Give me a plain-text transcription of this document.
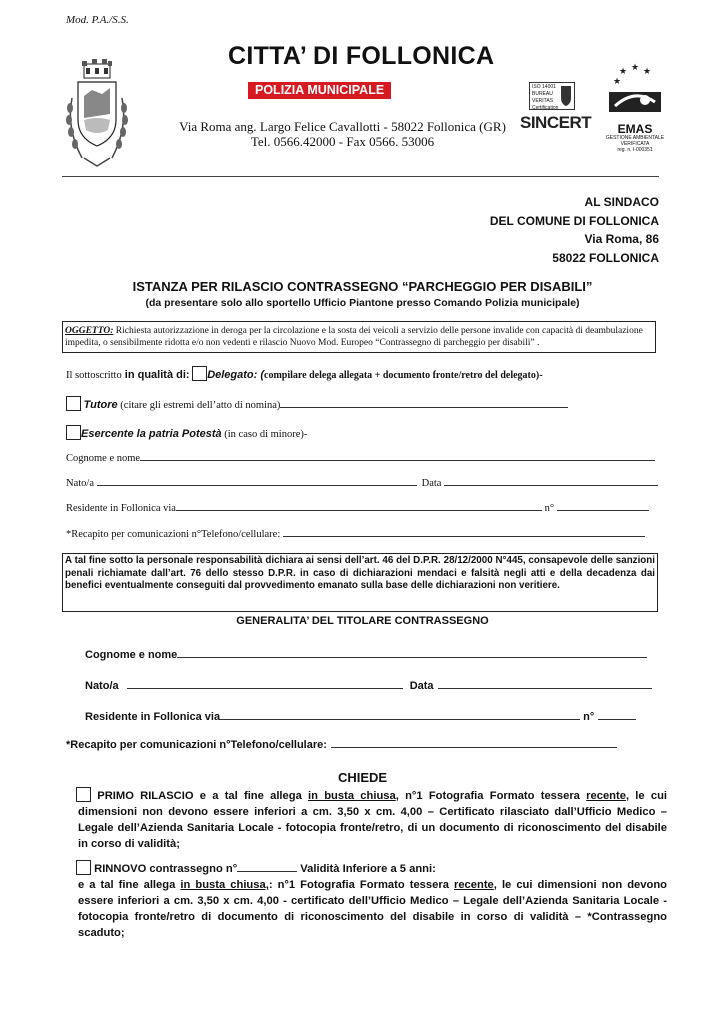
Mod. P.A./S.S.
CITTA’ DI FOLLONICA
POLIZIA MUNICIPALE
Via Roma ang. Largo Felice Cavallotti - 58022 Follonica (GR)
Tel. 0566.42000 - Fax 0566. 53006
ISO 14001
BUREAU VERITAS
Certification
SINCERT
★ ★ ★
★
EMAS
GESTIONE AMBIENTALE
VERIFICATA
reg. n. I-000351
AL SINDACO
DEL COMUNE DI FOLLONICA
Via Roma, 86
58022 FOLLONICA
ISTANZA PER RILASCIO CONTRASSEGNO “PARCHEGGIO PER DISABILI”
(da presentare solo allo sportello Ufficio Piantone presso Comando Polizia municipale)
OGGETTO: Richiesta autorizzazione in deroga per la circolazione e la sosta dei veicoli a servizio delle persone invalide con capacità di deambulazione impedita, o sensibilmente ridotta e/o non vedenti e rilascio Nuovo Mod. Europeo “Contrassegno di parcheggio per disabili” .
Il sottoscritto in qualità di: Delegato: (compilare delega allegata + documento fronte/retro del delegato)-
Tutore (citare gli estremi dell’atto di nomina)
Esercente la patria Potestà (in caso di minore)-
Cognome e nome
Nato/a	Data
Residente in Follonica via	n°
*Recapito per comunicazioni n°Telefono/cellulare:
A tal fine sotto la personale responsabilità dichiara ai sensi dell’art. 46 del D.P.R. 28/12/2000 N°445, consapevole delle sanzioni penali richiamate dall’art. 76 dello stesso D.P.R. in caso di dichiarazioni mendaci e falsità negli atti e della decadenza dai benefici eventualmente conseguiti dal provvedimento emanato sulla base delle dichiarazioni non veritiere.
GENERALITA’ DEL TITOLARE CONTRASSEGNO
Cognome e nome
Nato/a	Data
Residente in Follonica via	n°
*Recapito per comunicazioni n°Telefono/cellulare:
CHIEDE
PRIMO RILASCIO e a tal fine allega in busta chiusa, n°1 Fotografia Formato tessera recente, le cui dimensioni non devono essere inferiori a cm. 3,50 x cm. 4,00 – Certificato rilasciato dall’Ufficio Medico – Legale dell’Azienda Sanitaria Locale - fotocopia fronte/retro, di un documento di riconoscimento del disabile in corso di validità;
RINNOVO contrassegno n°	Validità Inferiore a 5 anni:
e a tal fine allega in busta chiusa,: n°1 Fotografia Formato tessera recente, le cui dimensioni non devono essere inferiori a cm. 3,50 x cm. 4,00 - certificato dell’Ufficio Medico – Legale dell’Azienda Sanitaria Locale - fotocopia fronte/retro di documento di riconoscimento del disabile in corso di validità – *Contrassegno scaduto;
